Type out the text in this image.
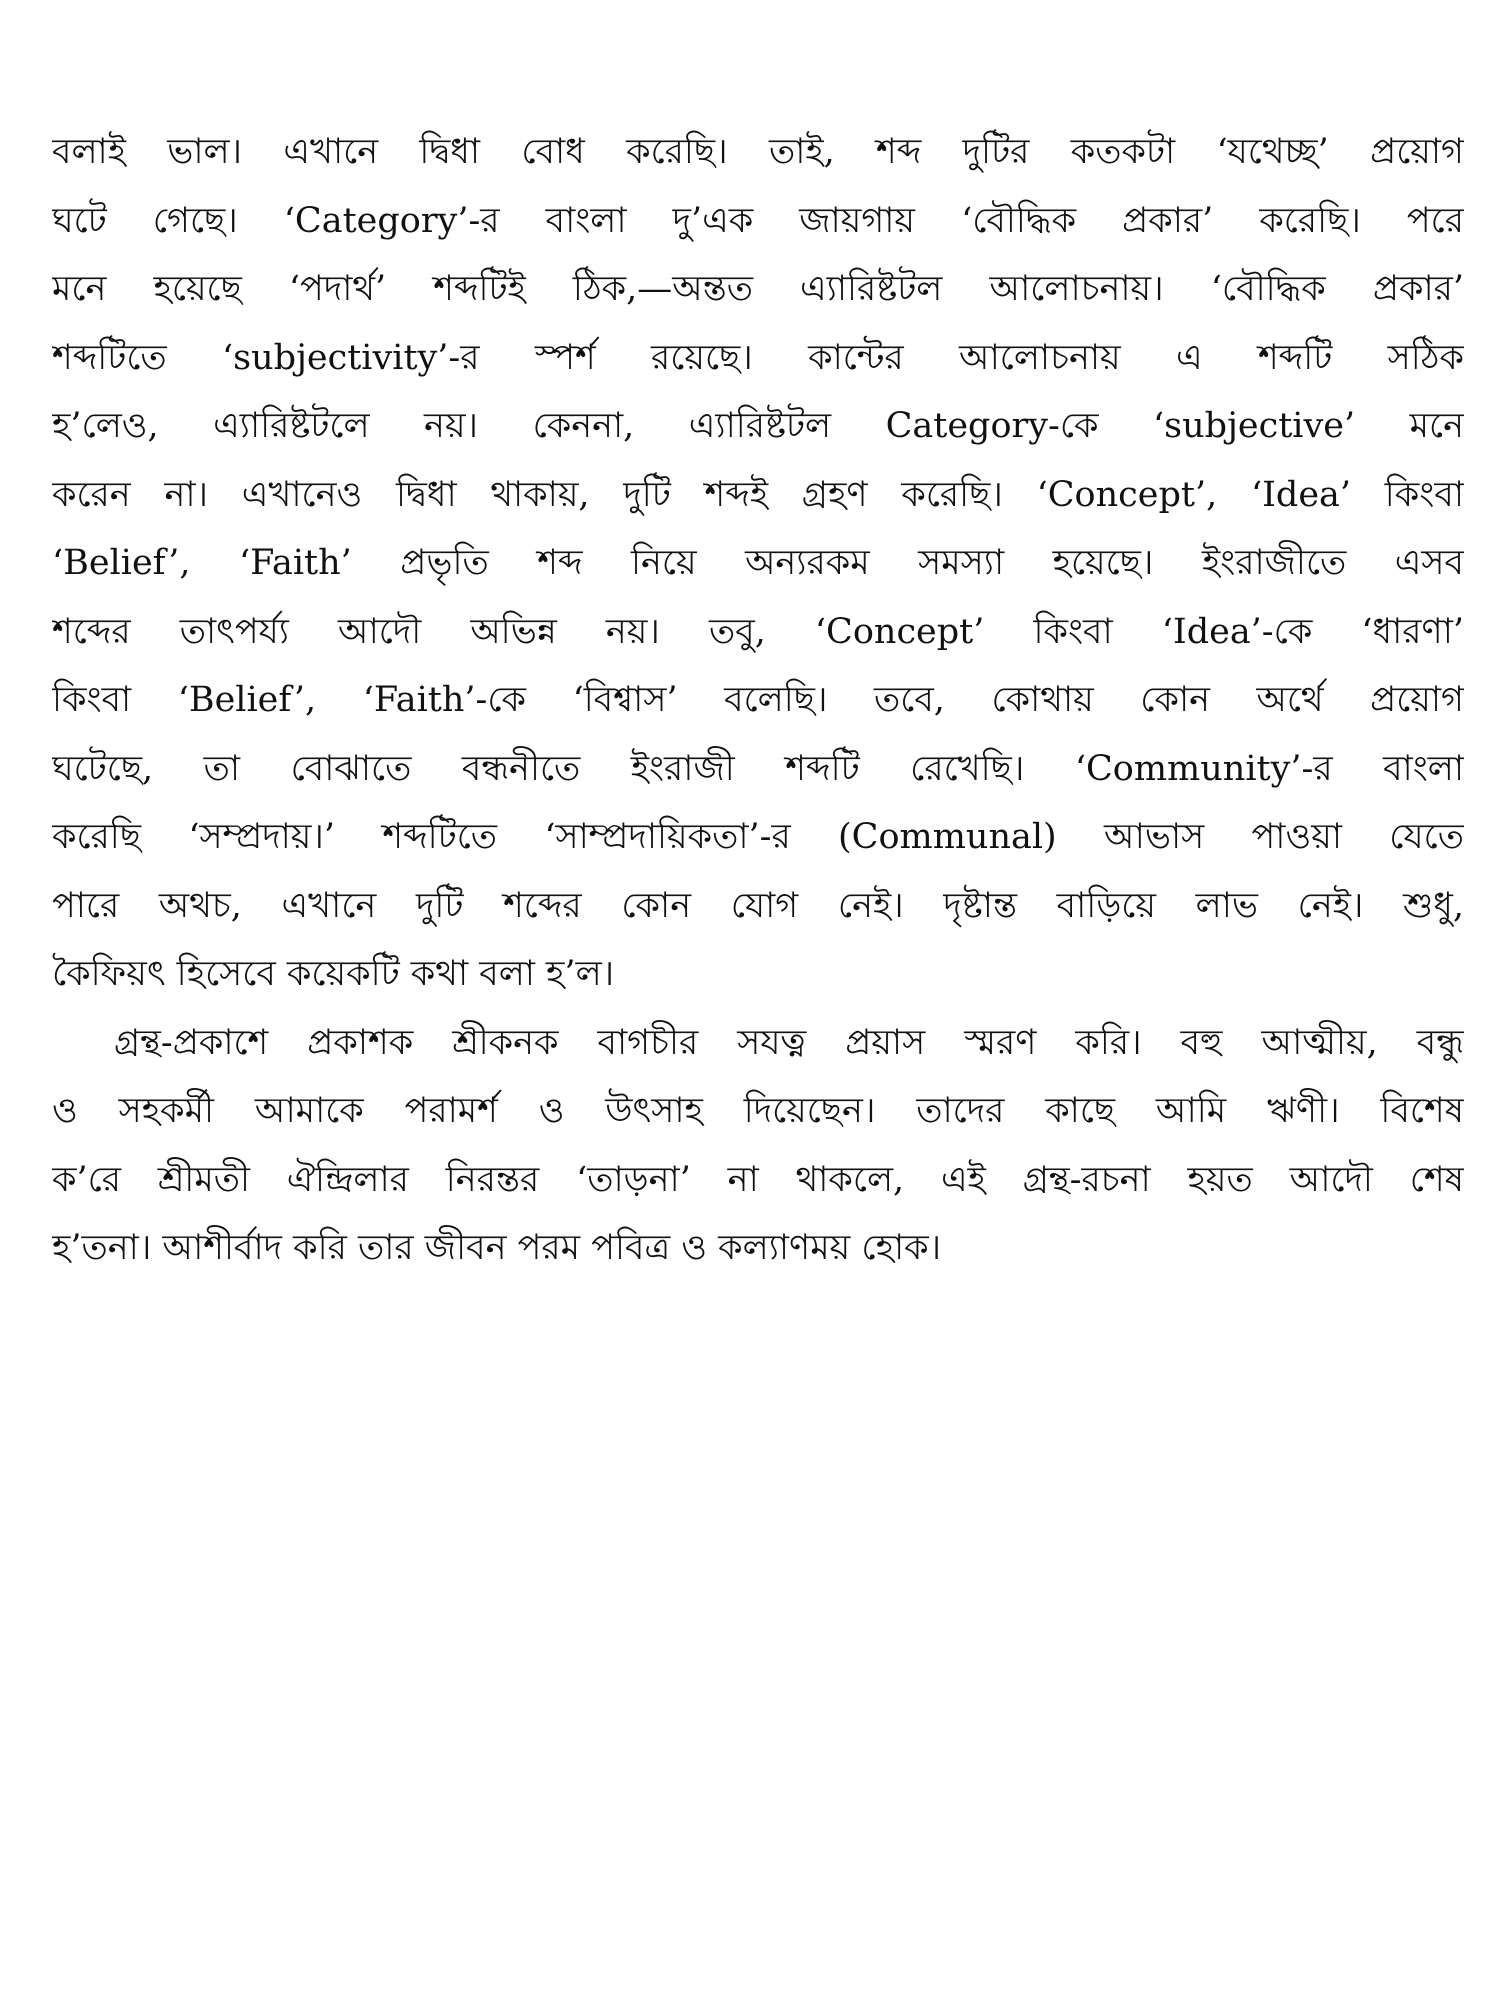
বলাই ভাল। এখানে দ্বিধা বোধ করেছি। তাই, শব্দ দুটির কতকটা ‘যথেচ্ছ’ প্রয়োগ
ঘটে গেছে। ‘Category’-র বাংলা দু’এক জায়গায় ‘বৌদ্ধিক প্রকার’ করেছি। পরে
মনে হয়েছে ‘পদার্থ’ শব্দটিই ঠিক,—অন্তত এ্যারিষ্টটল আলোচনায়। ‘বৌদ্ধিক প্রকার’
শব্দটিতে ‘subjectivity’-র স্পর্শ রয়েছে। কান্টের আলোচনায় এ শব্দটি সঠিক
হ’লেও, এ্যারিষ্টটলে নয়। কেননা, এ্যারিষ্টটল Category-কে ‘subjective’ মনে
করেন না। এখানেও দ্বিধা থাকায়, দুটি শব্দই গ্রহণ করেছি। ‘Concept’, ‘Idea’ কিংবা
‘Belief’, ‘Faith’ প্রভৃতি শব্দ নিয়ে অন্যরকম সমস্যা হয়েছে। ইংরাজীতে এসব
শব্দের তাৎপর্য্য আদৌ অভিন্ন নয়। তবু, ‘Concept’ কিংবা ‘Idea’-কে ‘ধারণা’
কিংবা ‘Belief’, ‘Faith’-কে ‘বিশ্বাস’ বলেছি। তবে, কোথায় কোন অর্থে প্রয়োগ
ঘটেছে, তা বোঝাতে বন্ধনীতে ইংরাজী শব্দটি রেখেছি। ‘Community’-র বাংলা
করেছি ‘সম্প্রদায়।’ শব্দটিতে ‘সাম্প্রদায়িকতা’-র (Communal) আভাস পাওয়া যেতে
পারে অথচ, এখানে দুটি শব্দের কোন যোগ নেই। দৃষ্টান্ত বাড়িয়ে লাভ নেই। শুধু,
কৈফিয়ৎ হিসেবে কয়েকটি কথা বলা হ’ল।
গ্রন্থ-প্রকাশে প্রকাশক শ্রীকনক বাগচীর সযত্ন প্রয়াস স্মরণ করি। বহু আত্মীয়, বন্ধু
ও সহকর্মী আমাকে পরামর্শ ও উৎসাহ দিয়েছেন। তাদের কাছে আমি ঋণী। বিশেষ
ক’রে শ্রীমতী ঐন্দ্রিলার নিরন্তর ‘তাড়না’ না থাকলে, এই গ্রন্থ-রচনা হয়ত আদৌ শেষ
হ’তনা। আশীর্বাদ করি তার জীবন পরম পবিত্র ও কল্যাণময় হোক।
